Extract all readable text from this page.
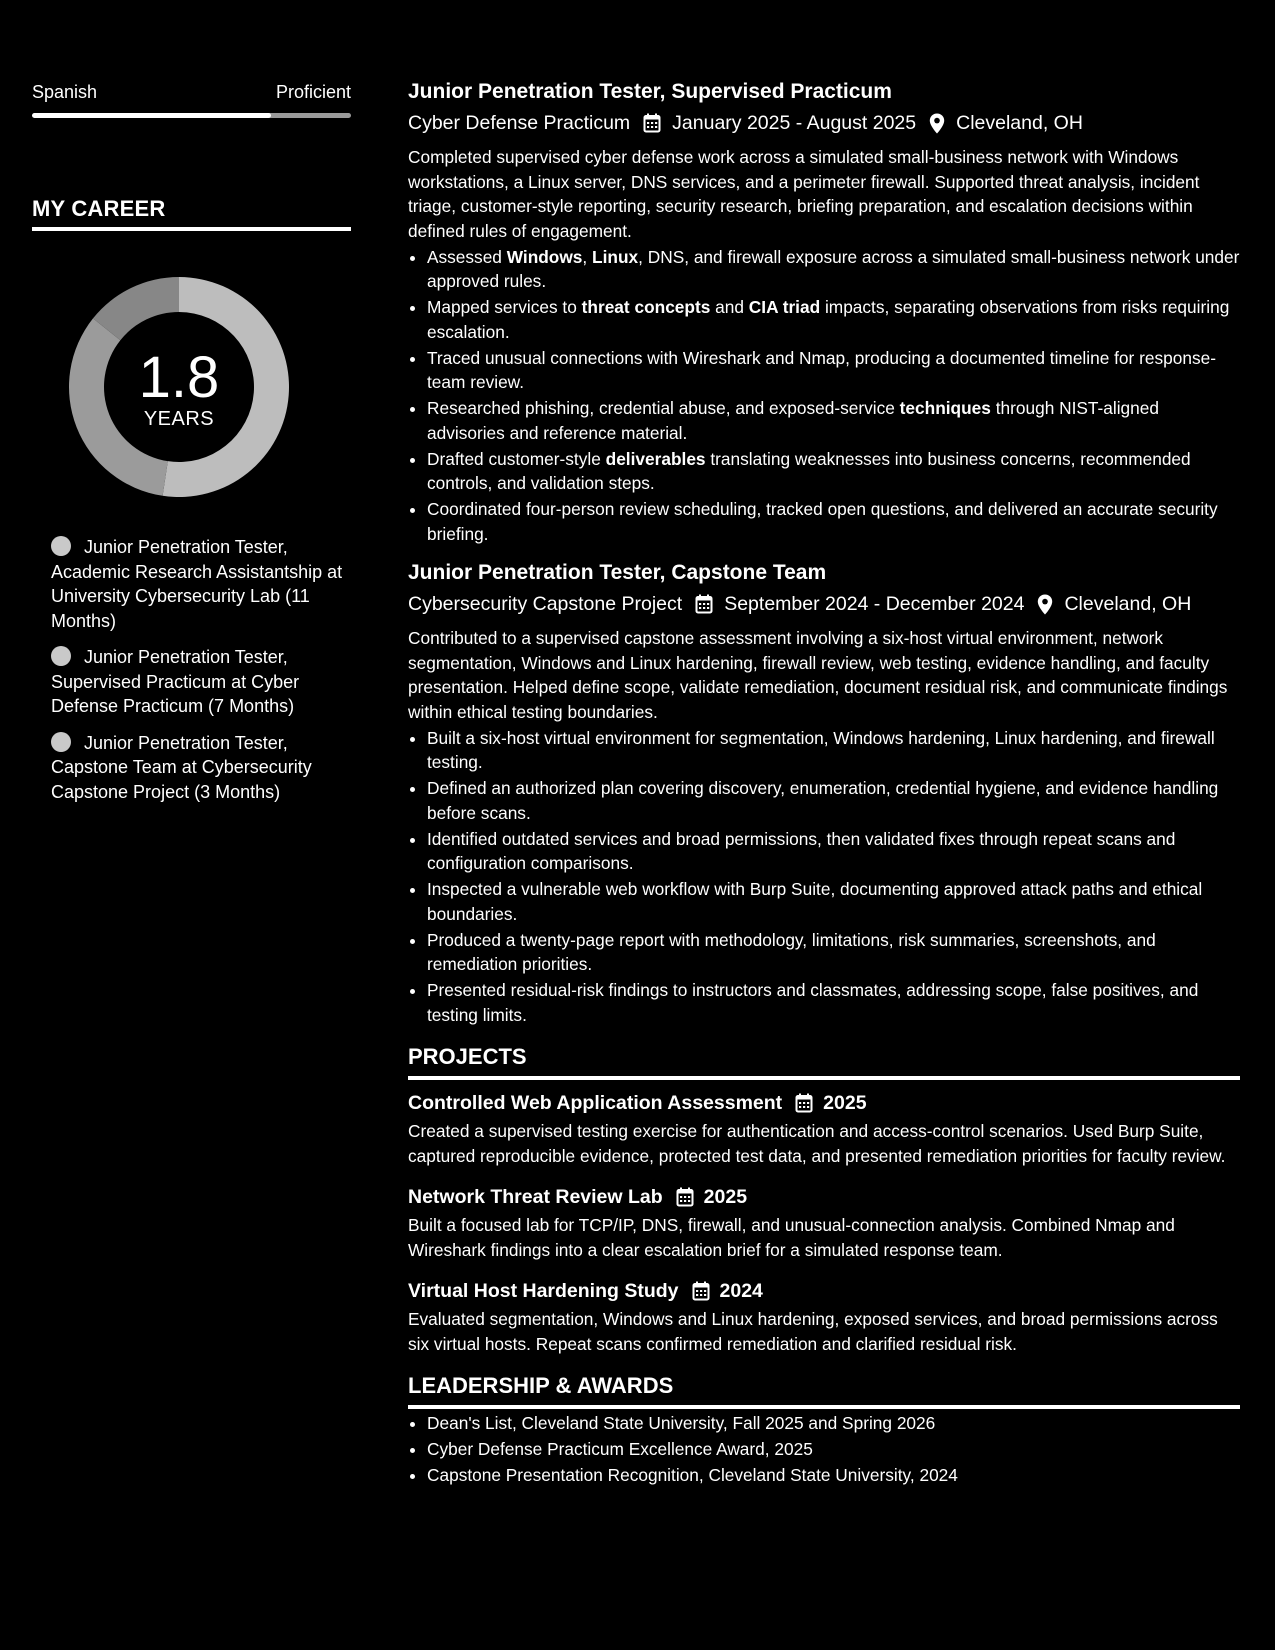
Spanish	Proficient
MY CAREER
1.8
YEARS
Junior Penetration Tester, Academic Research Assistantship at University Cybersecurity Lab (11 Months)
Junior Penetration Tester, Supervised Practicum at Cyber Defense Practicum (7 Months)
Junior Penetration Tester, Capstone Team at Cybersecurity Capstone Project (3 Months)
Junior Penetration Tester, Supervised Practicum
Cyber Defense Practicum January 2025 - August 2025 Cleveland, OH
Completed supervised cyber defense work across a simulated small-business network with Windows workstations, a Linux server, DNS services, and a perimeter firewall. Supported threat analysis, incident triage, customer-style reporting, security research, briefing preparation, and escalation decisions within defined rules of engagement.
• Assessed Windows, Linux, DNS, and firewall exposure across a simulated small-business network under approved rules.
• Mapped services to threat concepts and CIA triad impacts, separating observations from risks requiring escalation.
• Traced unusual connections with Wireshark and Nmap, producing a documented timeline for response-team review.
• Researched phishing, credential abuse, and exposed-service techniques through NIST-aligned advisories and reference material.
• Drafted customer-style deliverables translating weaknesses into business concerns, recommended controls, and validation steps.
• Coordinated four-person review scheduling, tracked open questions, and delivered an accurate security briefing.
Junior Penetration Tester, Capstone Team
Cybersecurity Capstone Project September 2024 - December 2024 Cleveland, OH
Contributed to a supervised capstone assessment involving a six-host virtual environment, network segmentation, Windows and Linux hardening, firewall review, web testing, evidence handling, and faculty presentation. Helped define scope, validate remediation, document residual risk, and communicate findings within ethical testing boundaries.
• Built a six-host virtual environment for segmentation, Windows hardening, Linux hardening, and firewall testing.
• Defined an authorized plan covering discovery, enumeration, credential hygiene, and evidence handling before scans.
• Identified outdated services and broad permissions, then validated fixes through repeat scans and configuration comparisons.
• Inspected a vulnerable web workflow with Burp Suite, documenting approved attack paths and ethical boundaries.
• Produced a twenty-page report with methodology, limitations, risk summaries, screenshots, and remediation priorities.
• Presented residual-risk findings to instructors and classmates, addressing scope, false positives, and testing limits.
PROJECTS
Controlled Web Application Assessment 2025
Created a supervised testing exercise for authentication and access-control scenarios. Used Burp Suite, captured reproducible evidence, protected test data, and presented remediation priorities for faculty review.
Network Threat Review Lab 2025
Built a focused lab for TCP/IP, DNS, firewall, and unusual-connection analysis. Combined Nmap and Wireshark findings into a clear escalation brief for a simulated response team.
Virtual Host Hardening Study 2024
Evaluated segmentation, Windows and Linux hardening, exposed services, and broad permissions across six virtual hosts. Repeat scans confirmed remediation and clarified residual risk.
LEADERSHIP & AWARDS
• Dean's List, Cleveland State University, Fall 2025 and Spring 2026
• Cyber Defense Practicum Excellence Award, 2025
• Capstone Presentation Recognition, Cleveland State University, 2024
